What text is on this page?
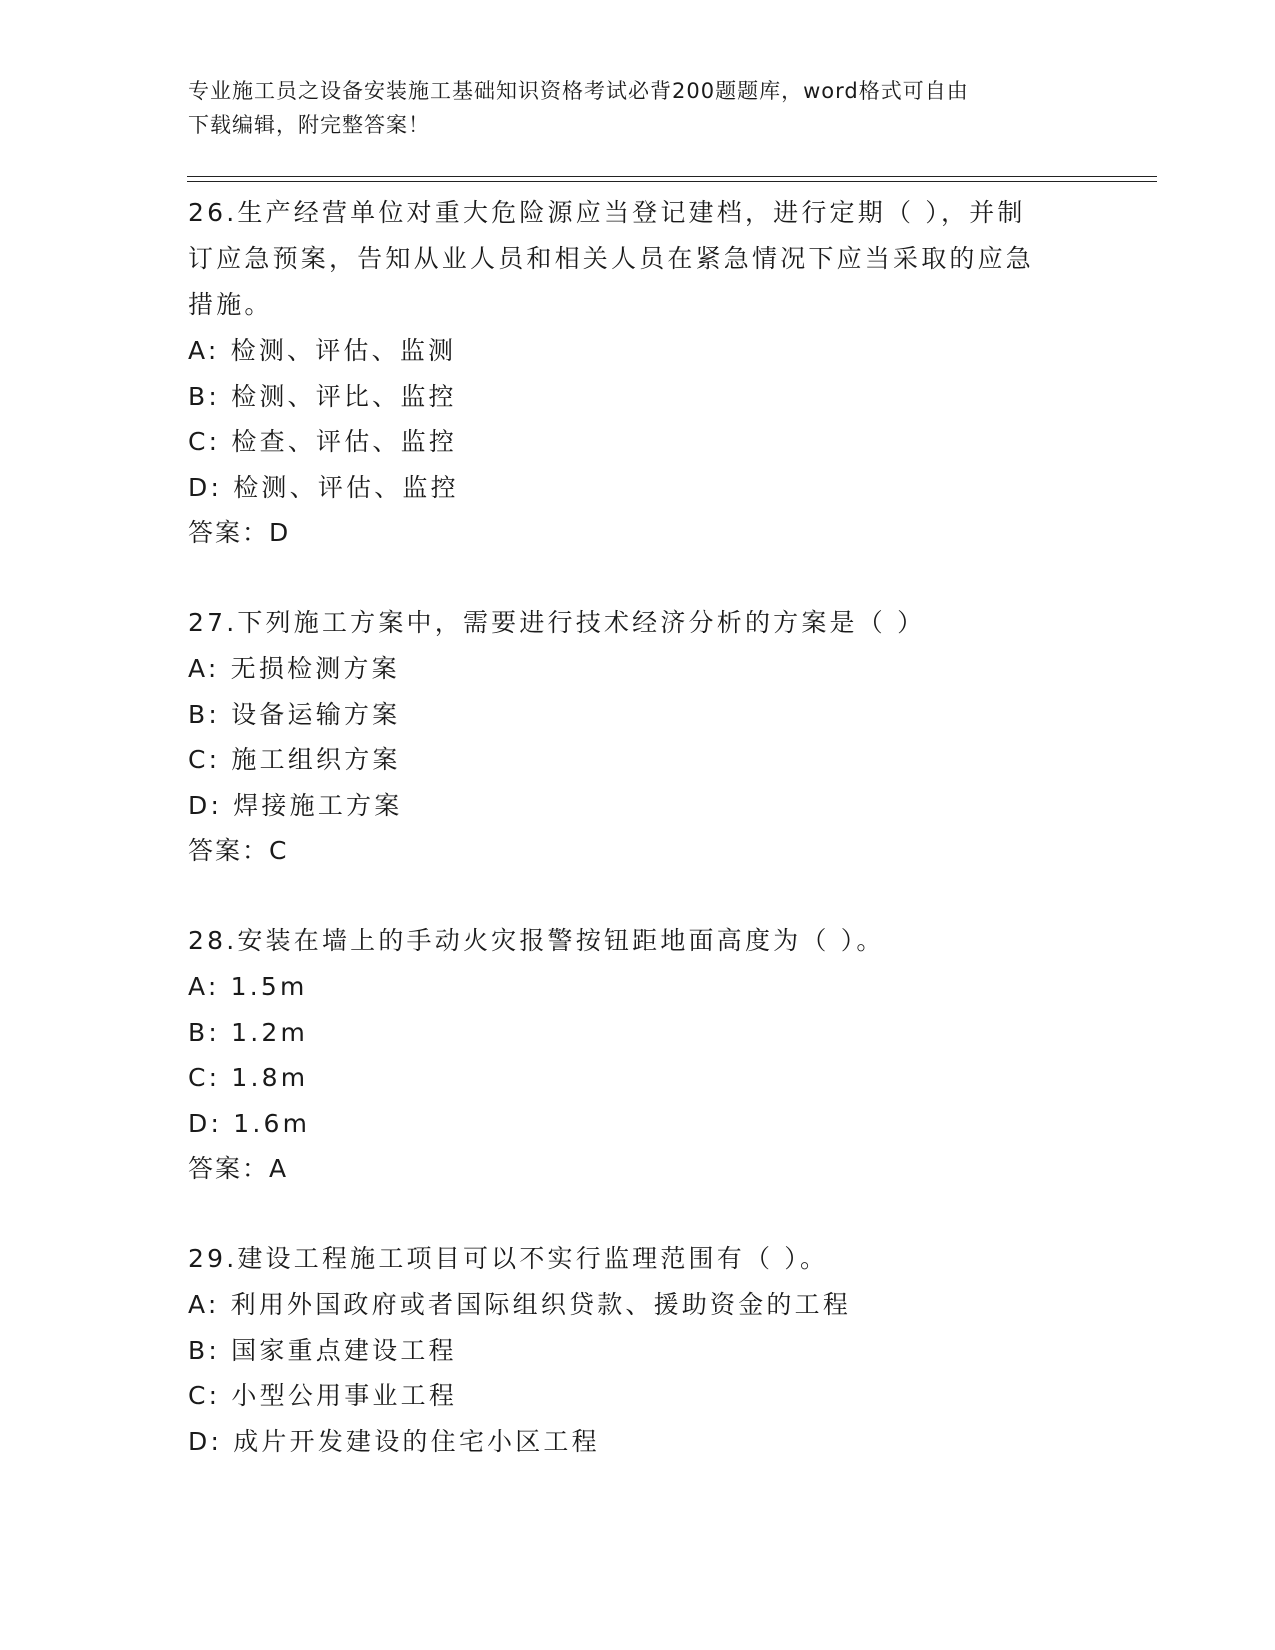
专业施工员之设备安装施工基础知识资格考试必背200题题库，word格式可自由
下载编辑，附完整答案！
26.生产经营单位对重大危险源应当登记建档，进行定期（ ），并制
订应急预案，告知从业人员和相关人员在紧急情况下应当采取的应急
措施。
A: 检测、评估、监测
B: 检测、评比、监控
C: 检查、评估、监控
D: 检测、评估、监控
答案：D
27.下列施工方案中，需要进行技术经济分析的方案是（ ）
A: 无损检测方案
B: 设备运输方案
C: 施工组织方案
D: 焊接施工方案
答案：C
28.安装在墙上的手动火灾报警按钮距地面高度为（ ）。
A: 1.5m
B: 1.2m
C: 1.8m
D: 1.6m
答案：A
29.建设工程施工项目可以不实行监理范围有（ ）。
A: 利用外国政府或者国际组织贷款、援助资金的工程
B: 国家重点建设工程
C: 小型公用事业工程
D: 成片开发建设的住宅小区工程
